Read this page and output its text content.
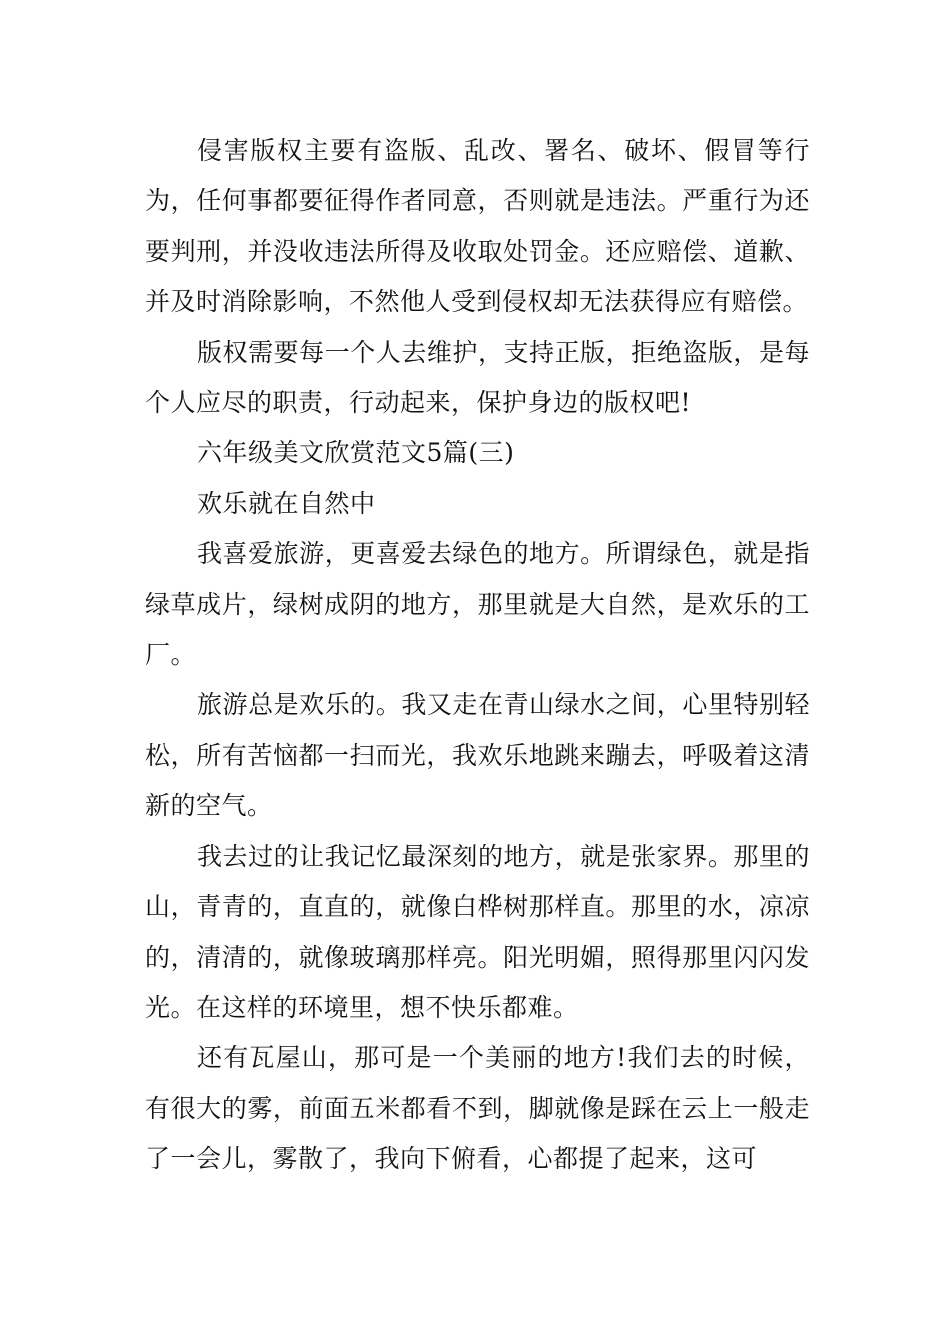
侵害版权主要有盗版、乱改、署名、破坏、假冒等行为，任何事都要征得作者同意，否则就是违法。严重行为还要判刑，并没收违法所得及收取处罚金。还应赔偿、道歉、并及时消除影响，不然他人受到侵权却无法获得应有赔偿。

版权需要每一个人去维护，支持正版，拒绝盗版，是每个人应尽的职责，行动起来，保护身边的版权吧!

六年级美文欣赏范文5篇(三)

欢乐就在自然中

我喜爱旅游，更喜爱去绿色的地方。所谓绿色，就是指绿草成片，绿树成阴的地方，那里就是大自然，是欢乐的工厂。

旅游总是欢乐的。我又走在青山绿水之间，心里特别轻松，所有苦恼都一扫而光，我欢乐地跳来蹦去，呼吸着这清新的空气。

我去过的让我记忆最深刻的地方，就是张家界。那里的山，青青的，直直的，就像白桦树那样直。那里的水，凉凉的，清清的，就像玻璃那样亮。阳光明媚，照得那里闪闪发光。在这样的环境里，想不快乐都难。

还有瓦屋山，那可是一个美丽的地方!我们去的时候，有很大的雾，前面五米都看不到，脚就像是踩在云上一般走了一会儿，雾散了，我向下俯看，心都提了起来，这可
